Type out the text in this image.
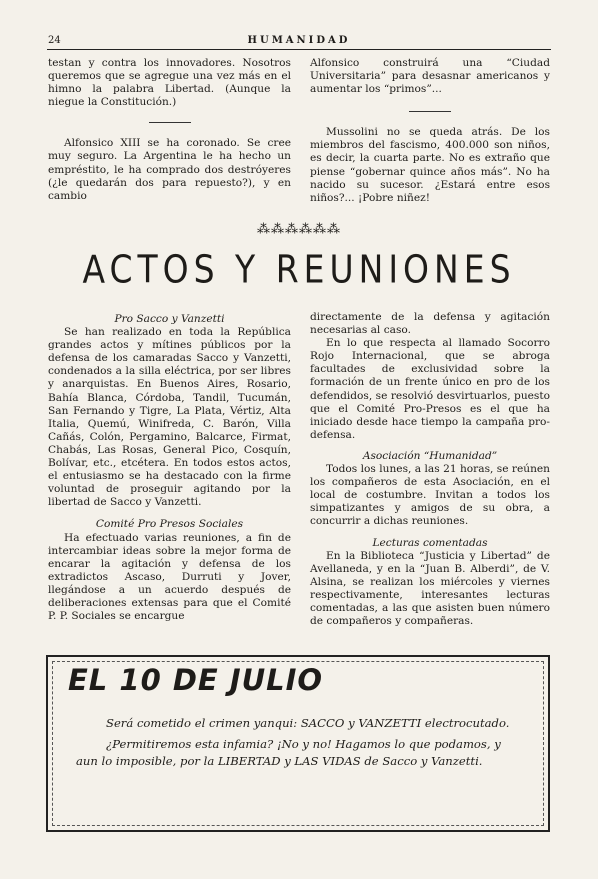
24	HUMANIDAD

testan y contra los innovadores. Nosotros queremos que se agregue una vez más en el himno la palabra Libertad. (Aunque la niegue la Constitución.)

Alfonsico XIII se ha coronado. Se cree muy seguro. La Argentina le ha hecho un empréstito, le ha comprado dos destróyeres (¿le quedarán dos para repuesto?), y en cambio

Alfonsico construirá una “Ciudad Universitaria” para desasnar americanos y aumentar los “primos”...

Mussolini no se queda atrás. De los miembros del fascismo, 400.000 son niños, es decir, la cuarta parte. No es extraño que piense “gobernar quince años más”. No ha nacido su sucesor. ¿Estará entre esos niños?... ¡Pobre niñez!

⁂⁂⁂⁂⁂⁂
ACTOS Y REUNIONES

Pro Sacco y Vanzetti

Se han realizado en toda la República grandes actos y mítines públicos por la defensa de los camaradas Sacco y Vanzetti, condenados a la silla eléctrica, por ser libres y anarquistas. En Buenos Aires, Rosario, Bahía Blanca, Córdoba, Tandil, Tucumán, San Fernando y Tigre, La Plata, Vértiz, Alta Italia, Quemú, Winifreda, C. Barón, Villa Cañás, Colón, Pergamino, Balcarce, Firmat, Chabás, Las Rosas, General Pico, Cosquín, Bolívar, etc., etcétera. En todos estos actos, el entusiasmo se ha destacado con la firme voluntad de proseguir agitando por la libertad de Sacco y Vanzetti.

Comité Pro Presos Sociales

Ha efectuado varias reuniones, a fin de intercambiar ideas sobre la mejor forma de encarar la agitación y defensa de los extradictos Ascaso, Durruti y Jover, llegándose a un acuerdo después de deliberaciones extensas para que el Comité P. P. Sociales se encargue

directamente de la defensa y agitación necesarias al caso.

En lo que respecta al llamado Socorro Rojo Internacional, que se abroga facultades de exclusividad sobre la formación de un frente único en pro de los defendidos, se resolvió desvirtuarlos, puesto que el Comité Pro-Presos es el que ha iniciado desde hace tiempo la campaña pro-defensa.

Asociación “Humanidad”

Todos los lunes, a las 21 horas, se reúnen los compañeros de esta Asociación, en el local de costumbre. Invitan a todos los simpatizantes y amigos de su obra, a concurrir a dichas reuniones.

Lecturas comentadas

En la Biblioteca “Justicia y Libertad” de Avellaneda, y en la “Juan B. Alberdi”, de V. Alsina, se realizan los miércoles y viernes respectivamente, interesantes lecturas comentadas, a las que asisten buen número de compañeros y compañeras.

EL 10 DE JULIO

Será cometido el crimen yanqui: SACCO y VANZETTI electrocutado.

¿Permitiremos esta infamia? ¡No y no! Hagamos lo que podamos, y aun lo imposible, por la LIBERTAD y LAS VIDAS de Sacco y Vanzetti.
